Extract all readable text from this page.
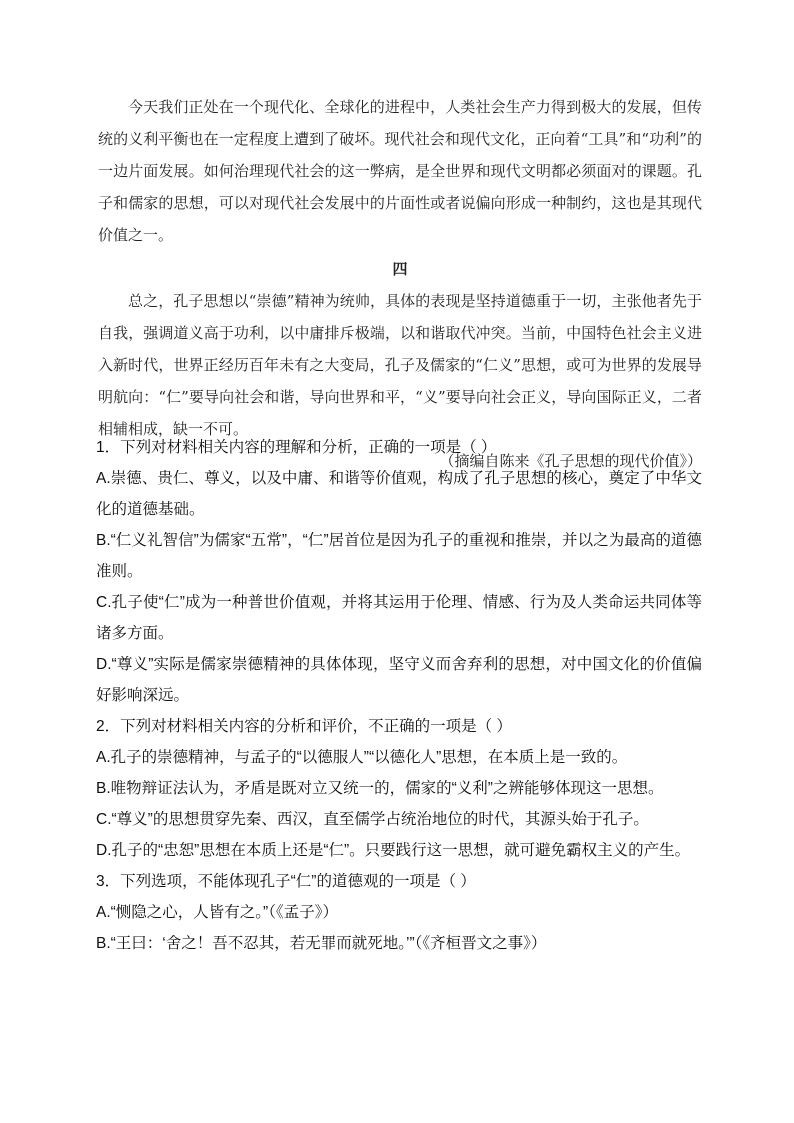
今天我们正处在一个现代化、全球化的进程中，人类社会生产力得到极大的发展，但传统的义利平衡也在一定程度上遭到了破坏。现代社会和现代文化，正向着“工具”和“功利”的一边片面发展。如何治理现代社会的这一弊病，是全世界和现代文明都必须面对的课题。孔子和儒家的思想，可以对现代社会发展中的片面性或者说偏向形成一种制约，这也是其现代价值之一。

四

总之，孔子思想以“崇德”精神为统帅，具体的表现是坚持道德重于一切，主张他者先于自我，强调道义高于功利，以中庸排斥极端，以和谐取代冲突。当前，中国特色社会主义进入新时代，世界正经历百年未有之大变局，孔子及儒家的“仁义”思想，或可为世界的发展导明航向：“仁”要导向社会和谐，导向世界和平，“义”要导向社会正义，导向国际正义，二者相辅相成，缺一不可。

（摘编自陈来《孔子思想的现代价值》）

1．下列对材料相关内容的理解和分析，正确的一项是（ ）

A.崇德、贵仁、尊义，以及中庸、和谐等价值观，构成了孔子思想的核心，奠定了中华文化的道德基础。

B.“仁义礼智信”为儒家“五常”，“仁”居首位是因为孔子的重视和推崇，并以之为最高的道德准则。

C.孔子使“仁”成为一种普世价值观，并将其运用于伦理、情感、行为及人类命运共同体等诸多方面。

D.“尊义”实际是儒家崇德精神的具体体现，坚守义而舍弃利的思想，对中国文化的价值偏好影响深远。

2．下列对材料相关内容的分析和评价，不正确的一项是（ ）

A.孔子的崇德精神，与孟子的“以德服人”“以德化人”思想，在本质上是一致的。

B.唯物辩证法认为，矛盾是既对立又统一的，儒家的“义利”之辨能够体现这一思想。

C.“尊义”的思想贯穿先秦、西汉，直至儒学占统治地位的时代，其源头始于孔子。

D.孔子的“忠恕”思想在本质上还是“仁”。只要践行这一思想，就可避免霸权主义的产生。

3．下列选项，不能体现孔子“仁”的道德观的一项是（ ）

A.“恻隐之心，人皆有之。”（《孟子》）

B.“王曰：‘舍之！吾不忍其，若无罪而就死地。’”（《齐桓晋文之事》）
